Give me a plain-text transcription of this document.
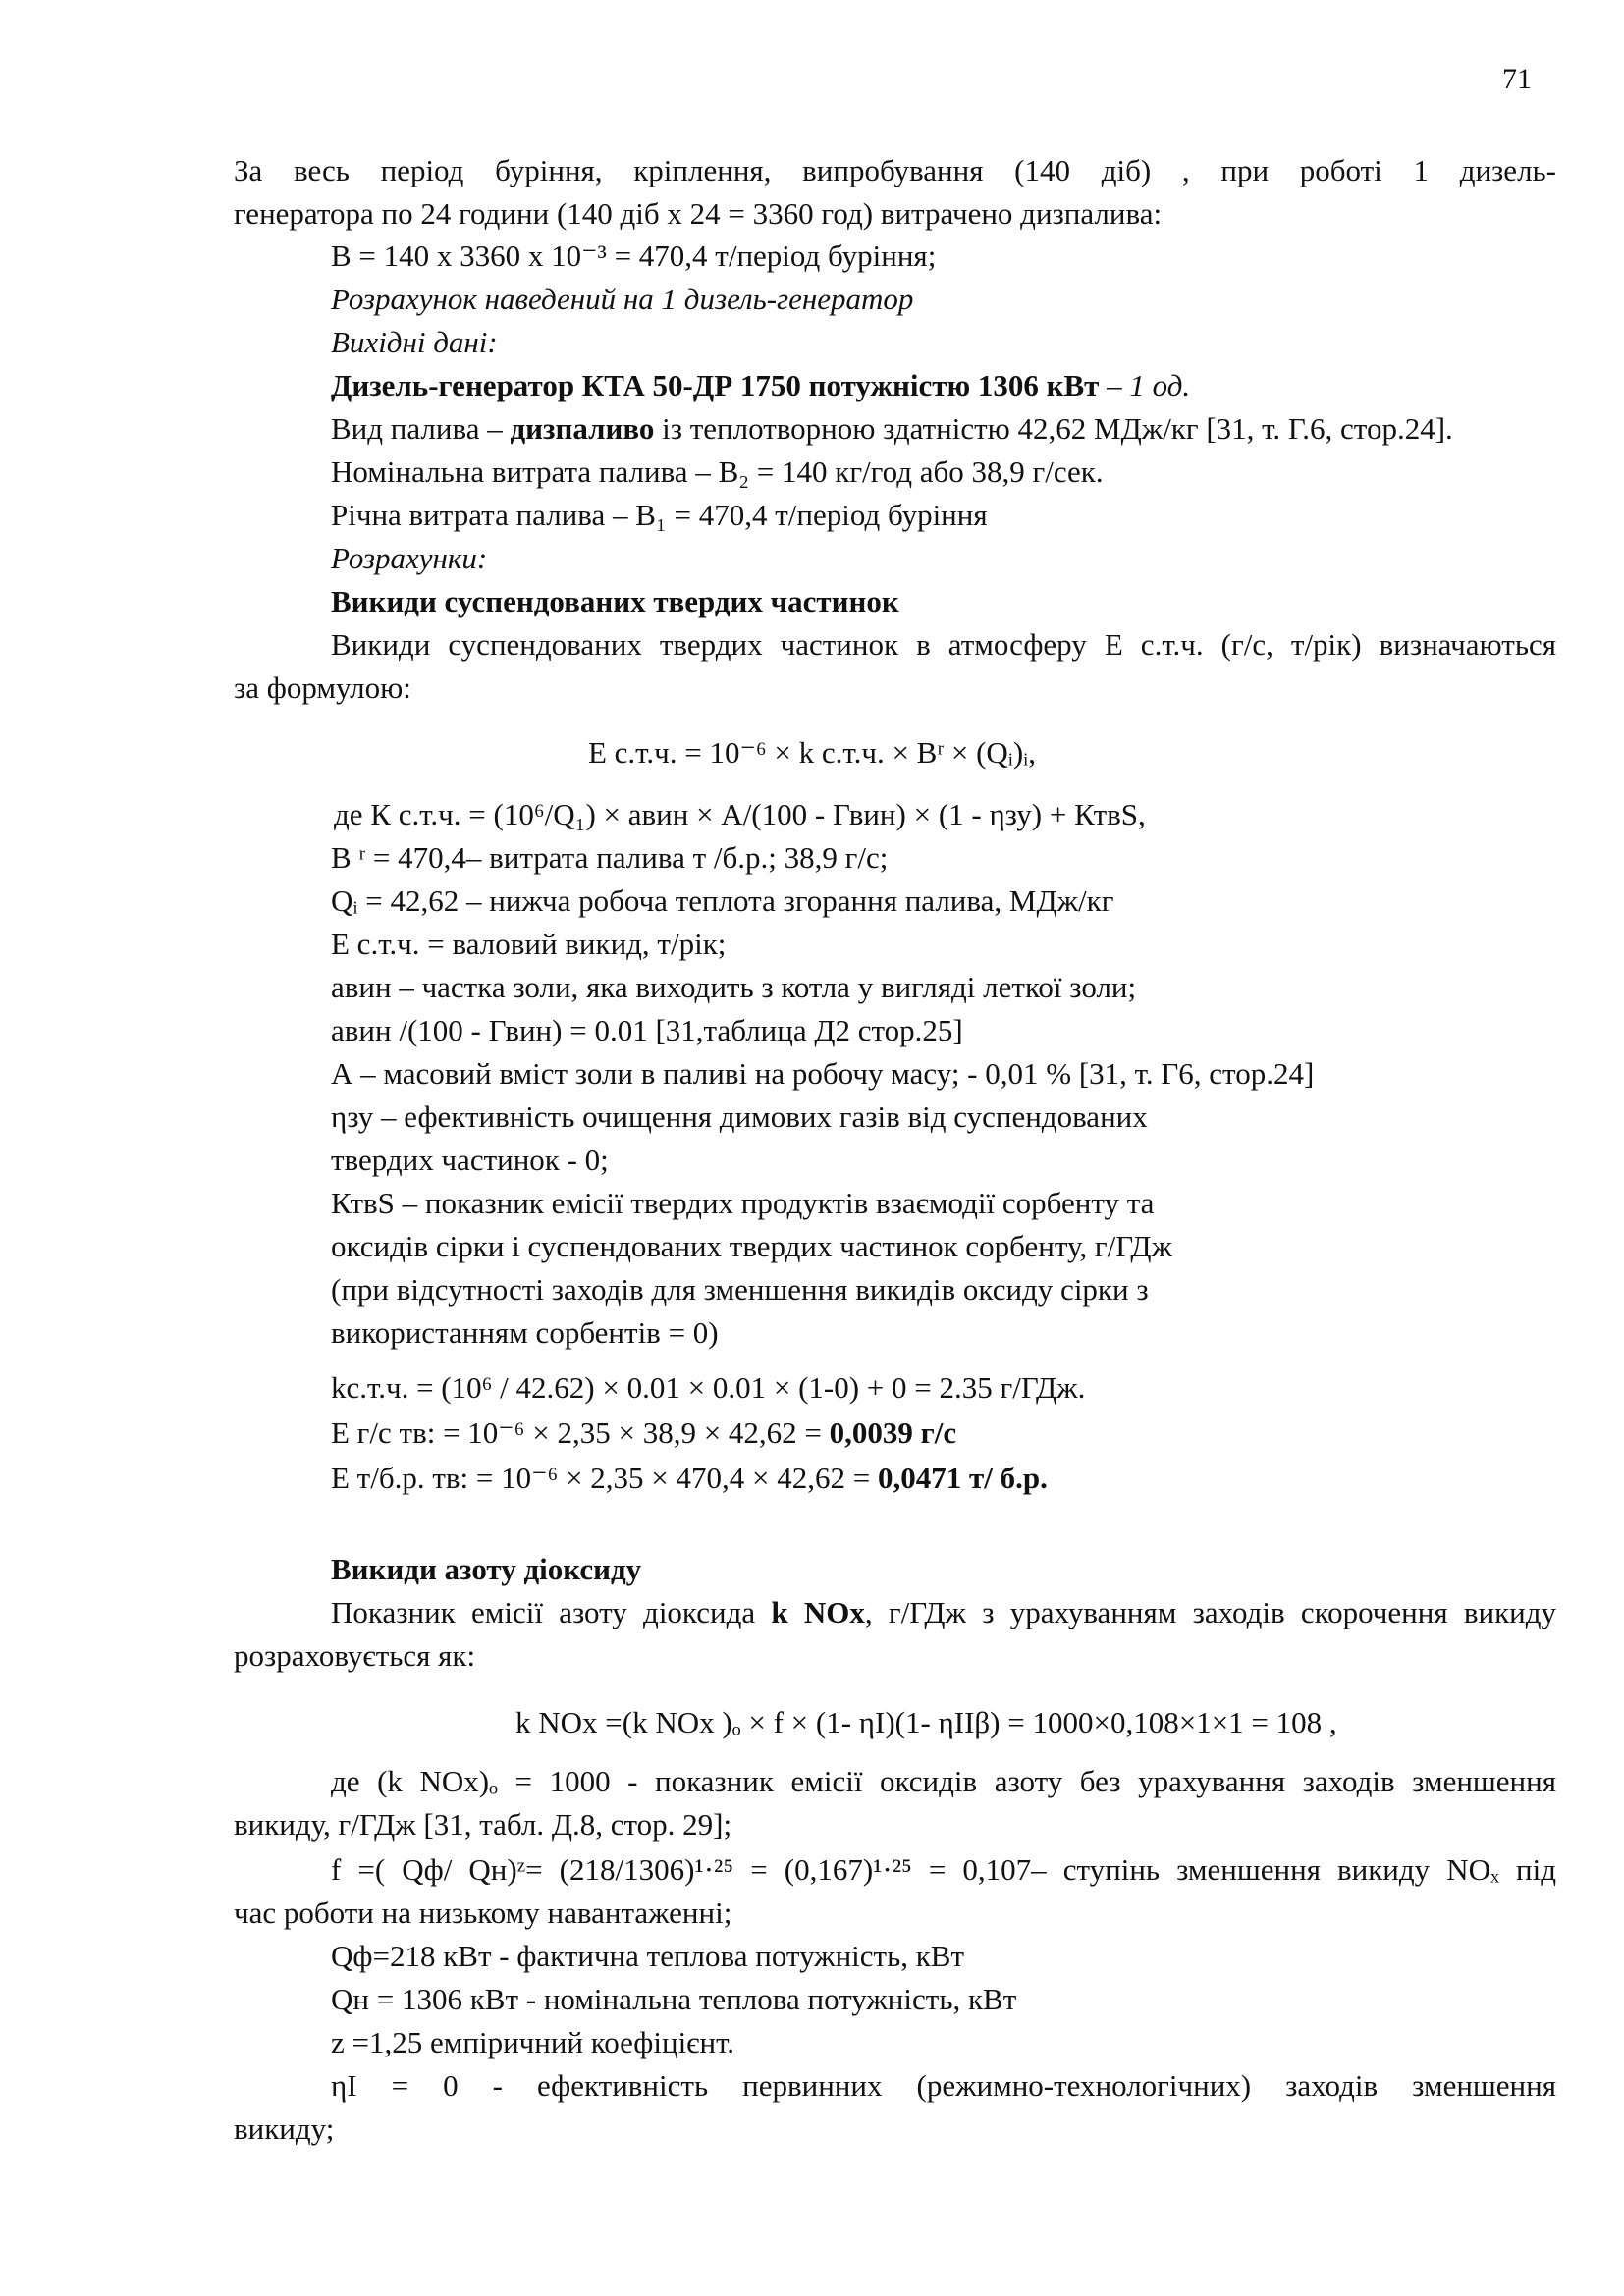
71
За весь період буріння, кріплення, випробування (140 діб) , при роботі 1 дизель-
генератора по 24 години (140 діб х 24 = 3360 год) витрачено дизпалива:
В = 140 х 3360 х 10⁻³ = 470,4 т/період буріння;
Розрахунок наведений на 1 дизель-генератор
Вихідні дані:
Дизель-генератор КТА 50-ДР 1750 потужністю 1306 кВт – 1 од.
Вид палива – дизпаливо із теплотворною здатністю 42,62 МДж/кг [31, т. Г.6, стор.24].
Номінальна витрата палива – В₂ = 140 кг/год або 38,9 г/сек.
Річна витрата палива – В₁ = 470,4 т/період буріння
Розрахунки:
Викиди суспендованих твердих частинок
Викиди суспендованих твердих частинок в атмосферу Е с.т.ч. (г/с, т/рік) визначаються
за формулою:
Е с.т.ч. = 10⁻⁶ × k с.т.ч. × Вʳ × (Qᵢ)ᵢ,
де К с.т.ч. = (10⁶/Q₁) × aвин × A/(100 - Гвин) × (1 - ηзу) + КтвS,
В ʳ = 470,4– витрата палива т /б.р.; 38,9 г/с;
Qᵢ = 42,62 – нижча робоча теплота згорання палива, МДж/кг
Е с.т.ч. = валовий викид, т/рік;
aвин – частка золи, яка виходить з котла у вигляді леткої золи;
aвин /(100 - Гвин) = 0.01 [31,таблица Д2 стор.25]
А – масовий вміст золи в паливі на робочу масу; - 0,01 % [31, т. Г6, стор.24]
ηзу – ефективність очищення димових газів від суспендованих
твердих частинок - 0;
КтвS – показник емісії твердих продуктів взаємодії сорбенту та
оксидів сірки і суспендованих твердих частинок сорбенту, г/ГДж
(при відсутності заходів для зменшення викидів оксиду сірки з
використанням сорбентів = 0)
kс.т.ч. = (10⁶ / 42.62) × 0.01 × 0.01 × (1-0) + 0 = 2.35 г/ГДж.
Е г/с тв: = 10⁻⁶ × 2,35 × 38,9 × 42,62 = 0,0039 г/с
Е т/б.р. тв: = 10⁻⁶ × 2,35 × 470,4 × 42,62 = 0,0471 т/ б.р.
Викиди азоту діоксиду
Показник емісії азоту діоксида k NOx, г/ГДж з урахуванням заходів скорочення викиду
розраховується як:
k NOx =(k NOx )ₒ × f × (1- ηI)(1- ηIIβ) = 1000×0,108×1×1 = 108 ,
де (k NOx)ₒ = 1000 - показник емісії оксидів азоту без урахування заходів зменшення
викиду, г/ГДж [31, табл. Д.8, стор. 29];
f =( Qф/ Qн)ᶻ= (218/1306)¹·²⁵ = (0,167)¹·²⁵ = 0,107– ступінь зменшення викиду NOₓ під
час роботи на низькому навантаженні;
Qф=218 кВт - фактична теплова потужність, кВт
Qн = 1306 кВт - номінальна теплова потужність, кВт
z =1,25 емпіричний коефіцієнт.
ηI = 0 - ефективність первинних (режимно-технологічних) заходів зменшення
викиду;
